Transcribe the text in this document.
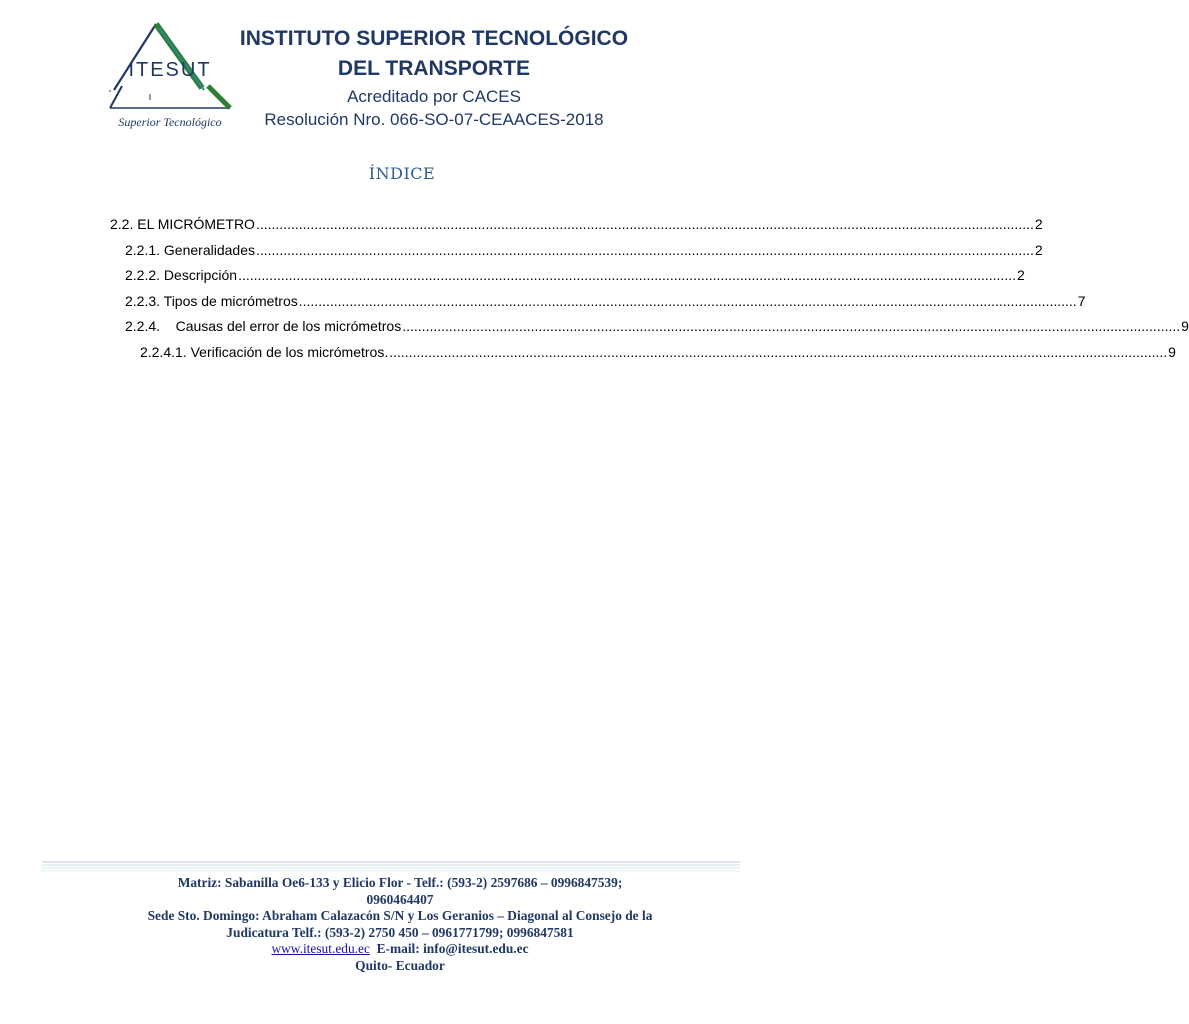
ITESUT
Superior Tecnológico
INSTITUTO SUPERIOR TECNOLÓGICO
DEL TRANSPORTE
Acreditado por CACES
Resolución Nro. 066-SO-07-CEAACES-2018
ÍNDICE
2.2. EL MICRÓMETRO ........................................................................................................................................................................................................ 2
2.2.1. Generalidades ........................................................................................................................................................................................................ 2
2.2.2. Descripción ........................................................................................................................................................................................................ 2
2.2.3. Tipos de micrómetros ........................................................................................................................................................................................................ 7
2.2.4.    Causas del error de los micrómetros ........................................................................................................................................................................................................ 9
2.2.4.1. Verificación de los micrómetros. ........................................................................................................................................................................................................ 9
Matriz: Sabanilla Oe6-133 y Elicio Flor - Telf.: (593-2) 2597686 – 0996847539;
0960464407
Sede Sto. Domingo: Abraham Calazacón S/N y Los Geranios – Diagonal al Consejo de la
Judicatura Telf.: (593-2) 2750 450 – 0961771799; 0996847581
www.itesut.edu.ec E-mail: info@itesut.edu.ec
Quito- Ecuador
